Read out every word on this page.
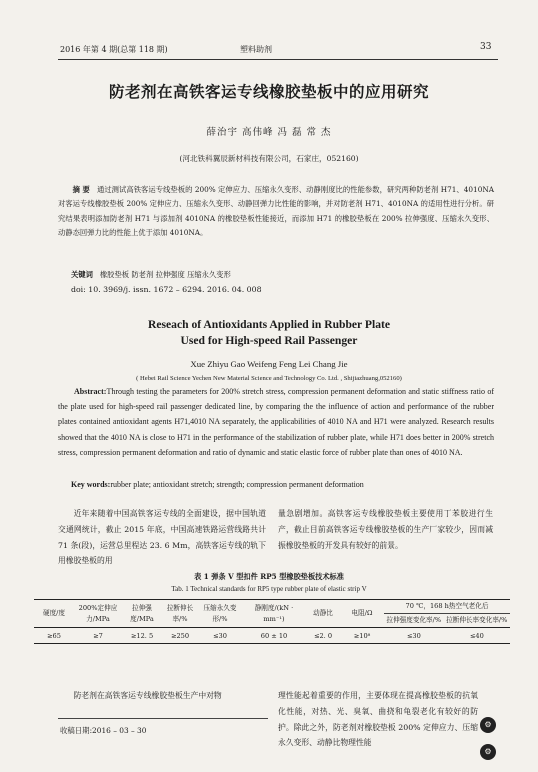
2016 年第 4 期(总第 118 期)	塑料助剂	33
防老剂在高铁客运专线橡胶垫板中的应用研究
薛治宇 高伟峰 冯 磊 常 杰
(河北铁科翼辰新材科技有限公司，石家庄，052160)
摘 要 通过测试高铁客运专线垫板的 200% 定伸应力、压缩永久变形、动静刚度比的性能参数，研究两种防老剂 H71、4010NA 对客运专线橡胶垫板 200% 定伸应力、压缩永久变形、动静回弹力比性能的影响，并对防老剂 H71、4010NA 的适用性进行分析。研究结果表明添加防老剂 H71 与添加剂 4010NA 的橡胶垫板性能接近，而添加 H71 的橡胶垫板在 200% 拉伸强度、压缩永久变形、动静态回弹力比的性能上优于添加 4010NA。
关键词 橡胶垫板 防老剂 拉伸强度 压缩永久变形
doi: 10. 3969/j. issn. 1672 – 6294. 2016. 04. 008
Reseach of Antioxidants Applied in Rubber Plate
Used for High-speed Rail Passenger
Xue Zhiyu Gao Weifeng Feng Lei Chang Jie
( Hebei Rail Science Yechen New Material Science and Technology Co. Ltd. , Shijiazhuang,052160)
Abstract:Through testing the parameters for 200% stretch stress, compression permanent deformation and static stiffness ratio of the plate used for high-speed rail passenger dedicated line, by comparing the the influence of action and performance of the rubber plates contained antioxidant agents H71,4010 NA separately, the applicabilities of 4010 NA and H71 were analyzed. Research results showed that the 4010 NA is close to H71 in the performance of the stabilization of rubber plate, while H71 does better in 200% stretch stress, compression permanent deformation and ratio of dynamic and static elastic force of rubber plate than ones of 4010 NA.
Key words:rubber plate; antioxidant stretch; strength; compression permanent deformation
近年来随着中国高铁客运专线的全面建设，据中国轨道交通网统计，截止 2015 年底，中国高速铁路运营线路共计 71 条(段)，运营总里程达 23. 6 Mm，高铁客运专线的轨下用橡胶垫板的用
量急剧增加。高铁客运专线橡胶垫板主要使用丁苯胶进行生产，截止目前高铁客运专线橡胶垫板的生产厂家较少，因而减振橡胶垫板的开发具有较好的前景。
表 1 弹条 V 型扣件 RP5 型橡胶垫板技术标准
Tab. 1 Technical standards for RP5 type rubber plate of elastic strip V
硬度/度	200%定伸应力/MPa	拉伸强度/MPa	拉断伸长率/%	压缩永久变形/%	静刚度/(kN · mm⁻¹)	动静比	电阻/Ω	70 ℃，168 h热空气老化后	
								拉伸强度变化率/%	拉断伸长率变化率/%
≥65	≥7	≥12. 5	≥250	≤30	60 ± 10	≤2. 0	≥10⁸	≤30	≤40
防老剂在高铁客运专线橡胶垫板生产中对物
收稿日期:2016 – 03 – 30
理性能起着重要的作用，主要体现在提高橡胶垫板的抗氧化性能，对热、光、臭氧、曲挠和龟裂老化有较好的防护。除此之外，防老剂对橡胶垫板 200% 定伸应力、压缩永久变形、动静比物理性能
⚙
⚙
